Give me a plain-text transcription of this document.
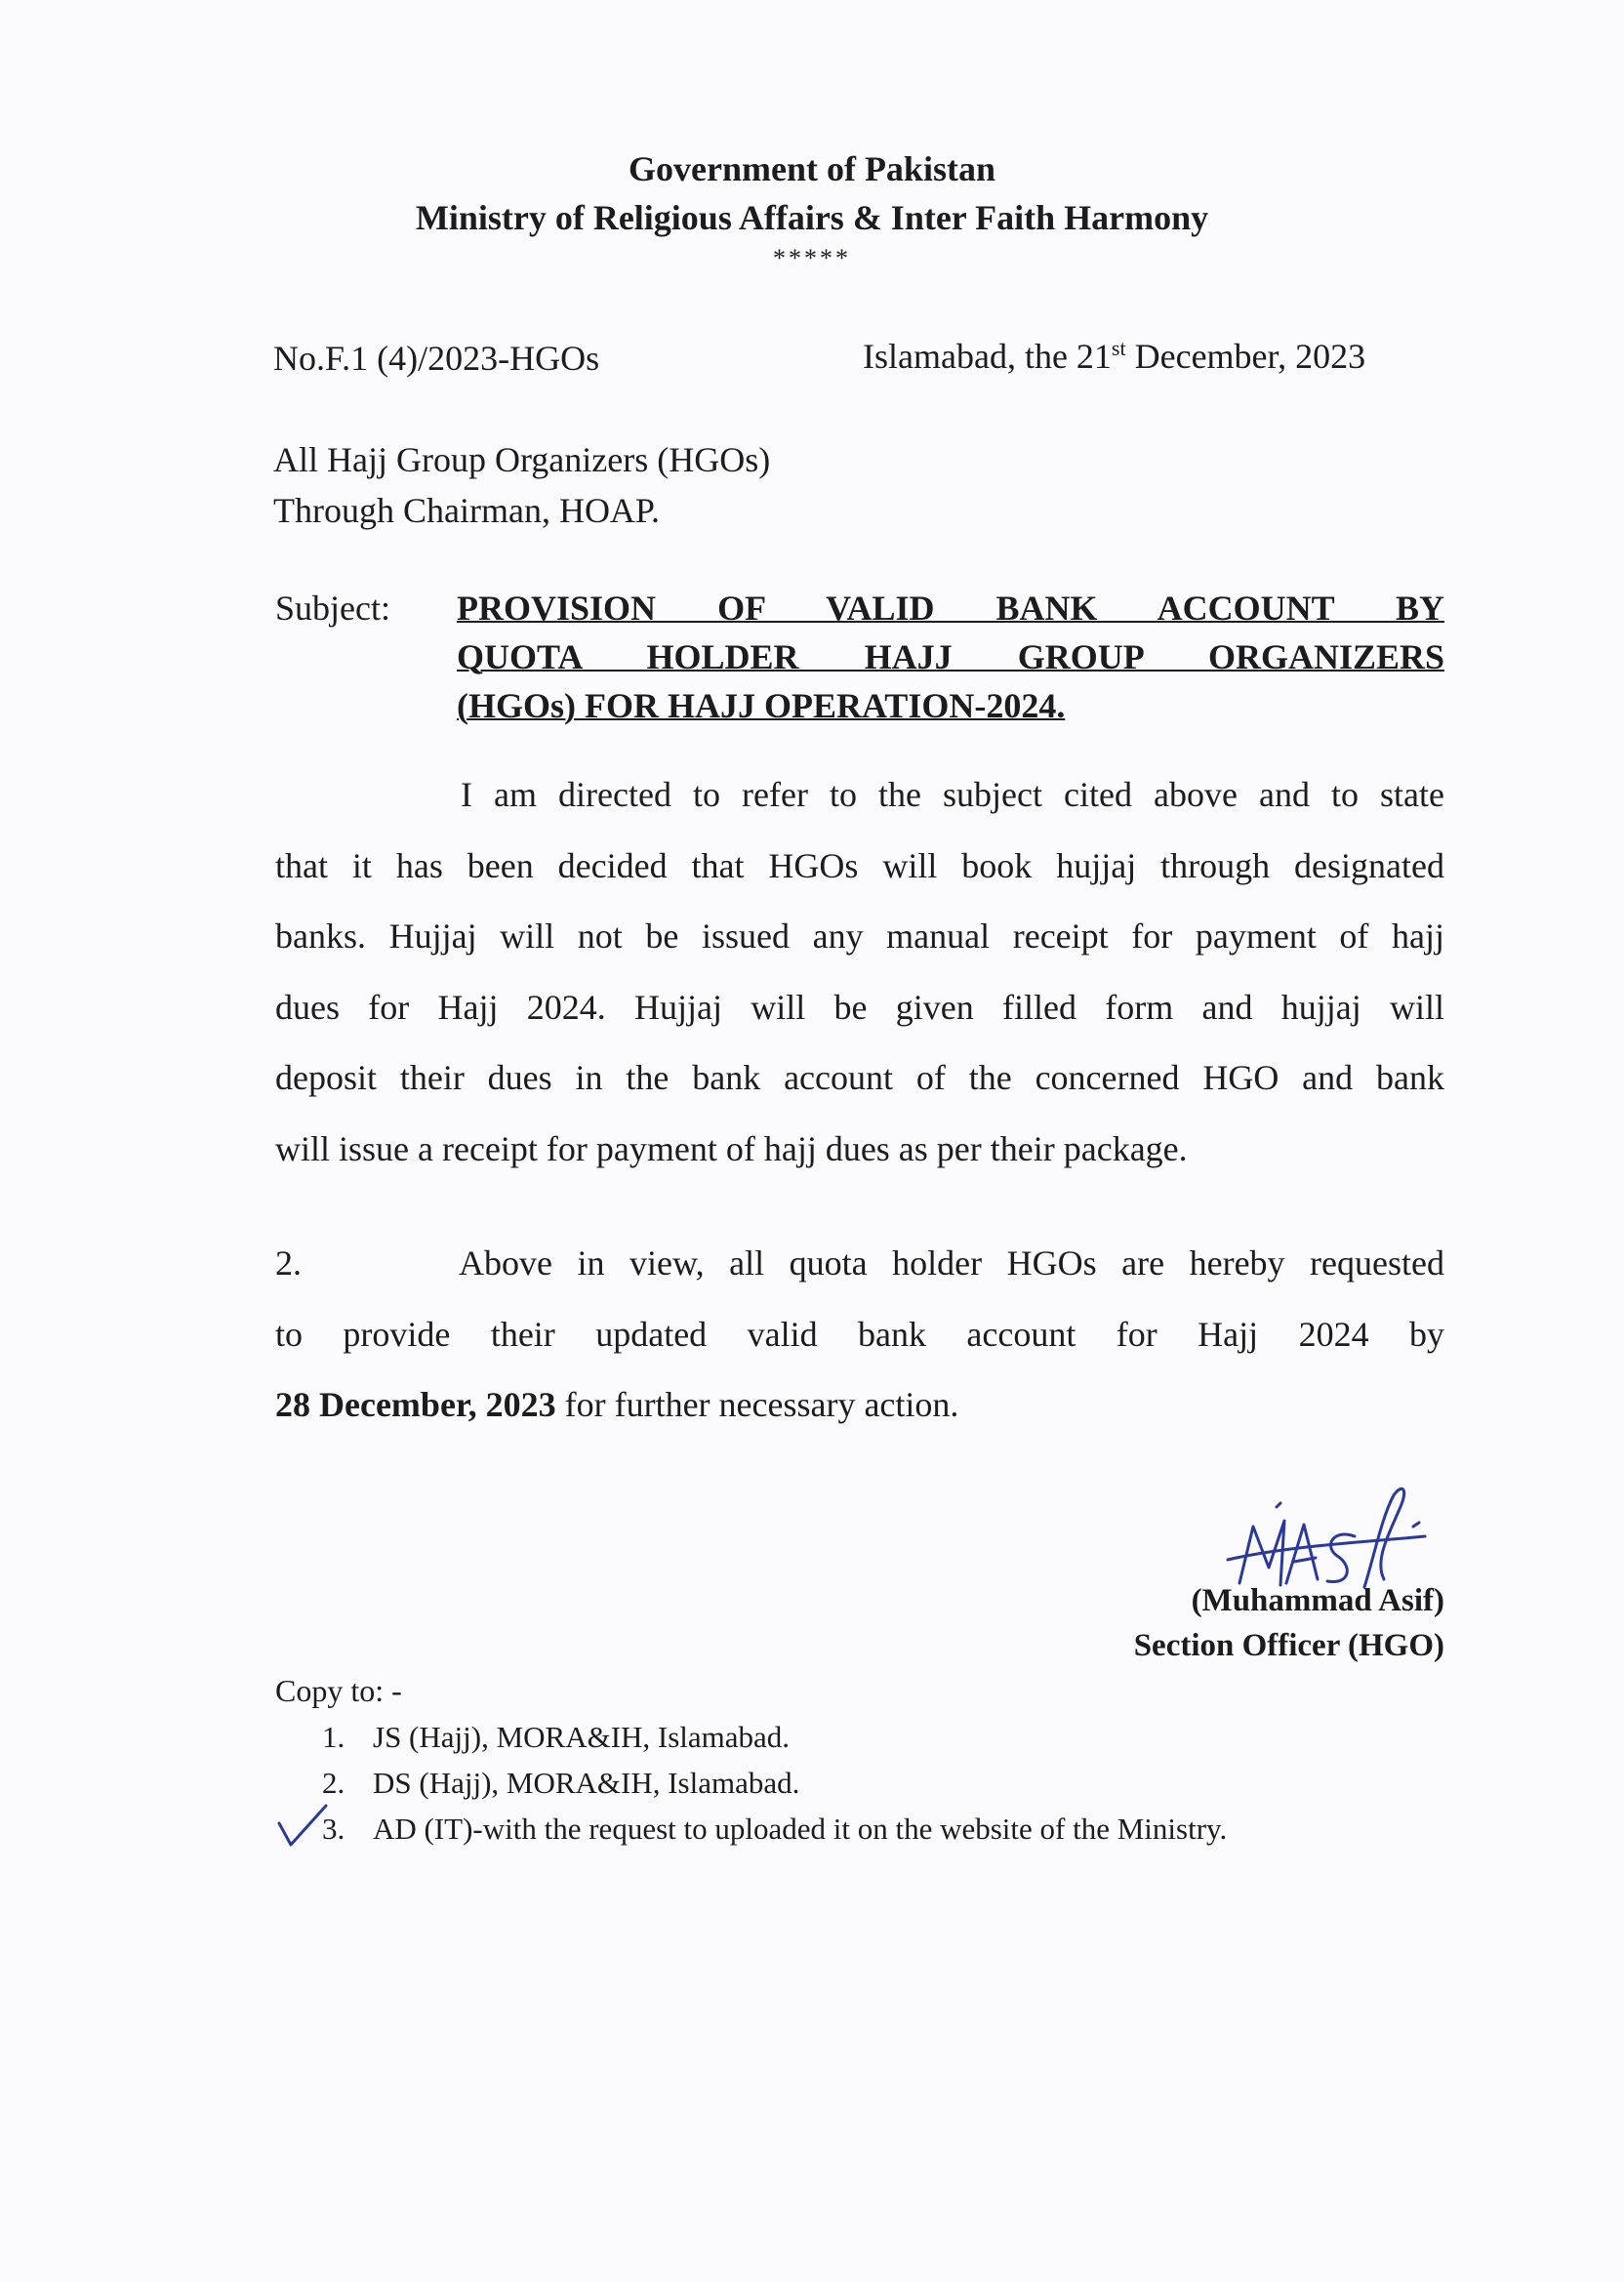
Government of Pakistan
Ministry of Religious Affairs & Inter Faith Harmony
*****
No.F.1 (4)/2023-HGOs	Islamabad, the 21st December, 2023
All Hajj Group Organizers (HGOs)
Through Chairman, HOAP.
Subject: PROVISION OF VALID BANK ACCOUNT BY
QUOTA HOLDER HAJJ GROUP ORGANIZERS
(HGOs) FOR HAJJ OPERATION-2024.
I am directed to refer to the subject cited above and to state
that it has been decided that HGOs will book hujjaj through designated
banks. Hujjaj will not be issued any manual receipt for payment of hajj
dues for Hajj 2024. Hujjaj will be given filled form and hujjaj will
deposit their dues in the bank account of the concerned HGO and bank
will issue a receipt for payment of hajj dues as per their package.
2.	Above in view, all quota holder HGOs are hereby requested
to provide their updated valid bank account for Hajj 2024 by
28 December, 2023 for further necessary action.
(Muhammad Asif)
Section Officer (HGO)
Copy to: -
1. JS (Hajj), MORA&IH, Islamabad.
2. DS (Hajj), MORA&IH, Islamabad.
3. AD (IT)-with the request to uploaded it on the website of the Ministry.
